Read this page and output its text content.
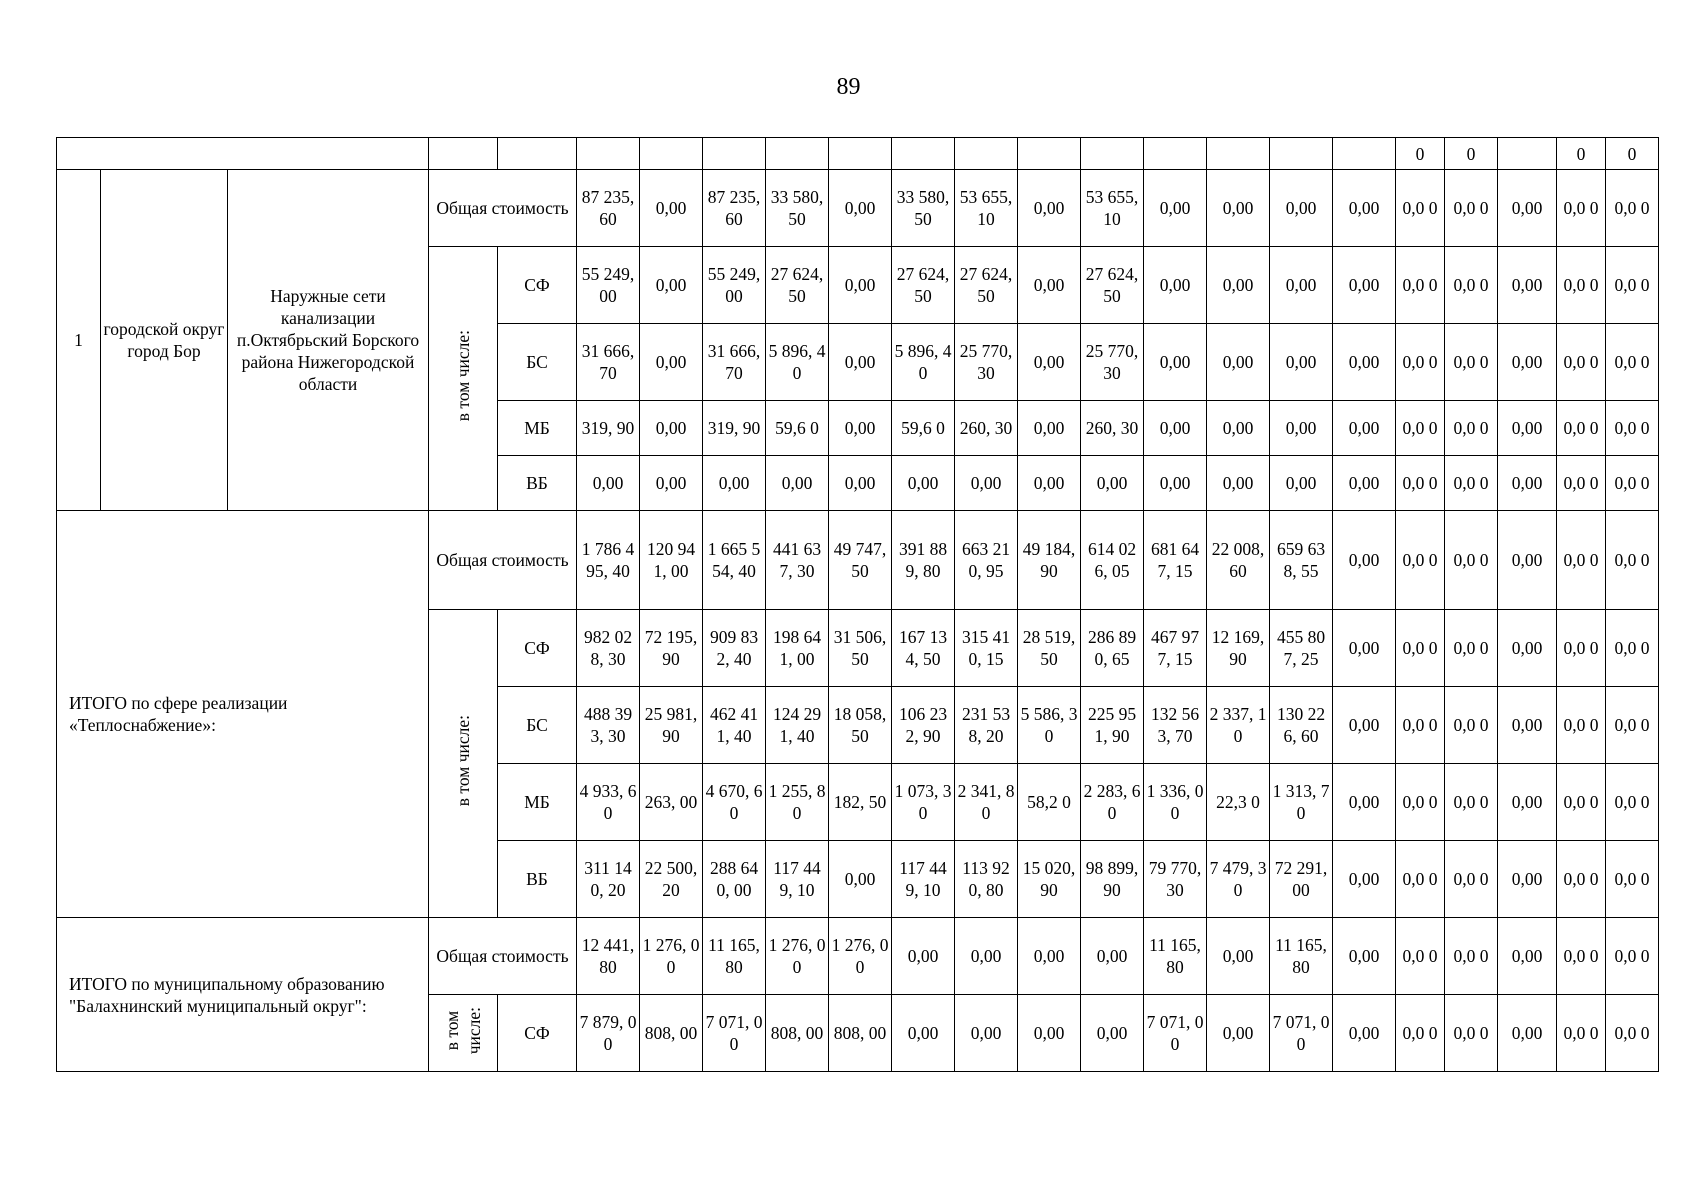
89
																		0	0		0	0
1	городской округ город Бор	Наружные сети канализации п.Октябрьский Борского района Нижегородской области	Общая стоимость		87 235, 60	0,00	87 235, 60	33 580, 50	0,00	33 580, 50	53 655, 10	0,00	53 655, 10	0,00	0,00	0,00	0,00	0,0 0	0,0 0	0,00	0,0 0	0,0 0
			в том числе:	СФ	55 249, 00	0,00	55 249, 00	27 624, 50	0,00	27 624, 50	27 624, 50	0,00	27 624, 50	0,00	0,00	0,00	0,00	0,0 0	0,0 0	0,00	0,0 0	0,0 0
				БС	31 666, 70	0,00	31 666, 70	5 896, 40	0,00	5 896, 40	25 770, 30	0,00	25 770, 30	0,00	0,00	0,00	0,00	0,0 0	0,0 0	0,00	0,0 0	0,0 0
				МБ	319, 90	0,00	319, 90	59,6 0	0,00	59,6 0	260, 30	0,00	260, 30	0,00	0,00	0,00	0,00	0,0 0	0,0 0	0,00	0,0 0	0,0 0
				ВБ	0,00	0,00	0,00	0,00	0,00	0,00	0,00	0,00	0,00	0,00	0,00	0,00	0,00	0,0 0	0,0 0	0,00	0,0 0	0,0 0
ИТОГО по сфере реализации «Теплоснабжение»:			Общая стоимость		1 786 495, 40	120 941, 00	1 665 554, 40	441 637, 30	49 747, 50	391 889, 80	663 210, 95	49 184, 90	614 026, 05	681 647, 15	22 008, 60	659 638, 55	0,00	0,0 0	0,0 0	0,00	0,0 0	0,0 0
			в том числе:	СФ	982 028, 30	72 195, 90	909 832, 40	198 641, 00	31 506, 50	167 134, 50	315 410, 15	28 519, 50	286 890, 65	467 977, 15	12 169, 90	455 807, 25	0,00	0,0 0	0,0 0	0,00	0,0 0	0,0 0
				БС	488 393, 30	25 981, 90	462 411, 40	124 291, 40	18 058, 50	106 232, 90	231 538, 20	5 586, 30	225 951, 90	132 563, 70	2 337, 10	130 226, 60	0,00	0,0 0	0,0 0	0,00	0,0 0	0,0 0
				МБ	4 933, 60	263, 00	4 670, 60	1 255, 80	182, 50	1 073, 30	2 341, 80	58,2 0	2 283, 60	1 336, 00	22,3 0	1 313, 70	0,00	0,0 0	0,0 0	0,00	0,0 0	0,0 0
				ВБ	311 140, 20	22 500, 20	288 640, 00	117 449, 10	0,00	117 449, 10	113 920, 80	15 020, 90	98 899, 90	79 770, 30	7 479, 30	72 291, 00	0,00	0,0 0	0,0 0	0,00	0,0 0	0,0 0
ИТОГО по муниципальному образованию "Балахнинский муниципальный округ":			Общая стоимость		12 441, 80	1 276, 00	11 165, 80	1 276, 00	1 276, 00	0,00	0,00	0,00	0,00	11 165, 80	0,00	11 165, 80	0,00	0,0 0	0,0 0	0,00	0,0 0	0,0 0
			в том числе:	СФ	7 879, 00	808, 00	7 071, 00	808, 00	808, 00	0,00	0,00	0,00	0,00	7 071, 00	0,00	7 071, 00	0,00	0,0 0	0,0 0	0,00	0,0 0	0,0 0
